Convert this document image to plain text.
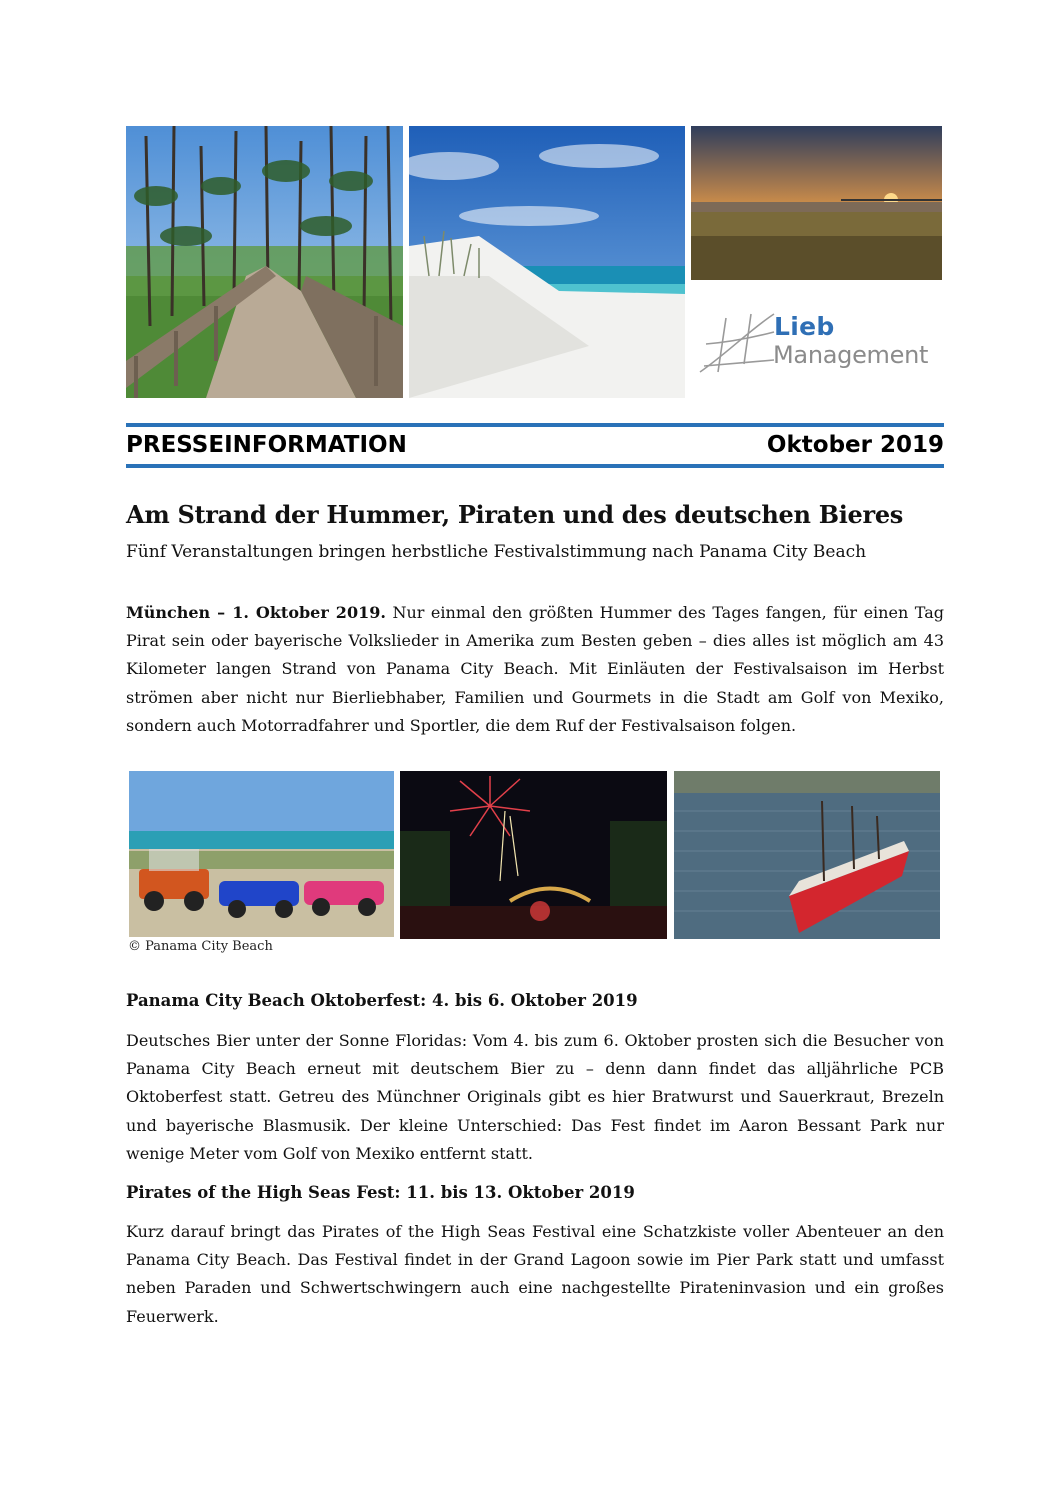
Lieb
Management
PRESSEINFORMATION	Oktober 2019
Am Strand der Hummer, Piraten und des deutschen Bieres
Fünf Veranstaltungen bringen herbstliche Festivalstimmung nach Panama City Beach
München – 1. Oktober 2019. Nur einmal den größten Hummer des Tages fangen, für einen Tag Pirat sein oder bayerische Volkslieder in Amerika zum Besten geben – dies alles ist möglich am 43 Kilometer langen Strand von Panama City Beach. Mit Einläuten der Festivalsaison im Herbst strömen aber nicht nur Bierliebhaber, Familien und Gourmets in die Stadt am Golf von Mexiko, sondern auch Motorradfahrer und Sportler, die dem Ruf der Festivalsaison folgen.
© Panama City Beach
Panama City Beach Oktoberfest: 4. bis 6. Oktober 2019
Deutsches Bier unter der Sonne Floridas: Vom 4. bis zum 6. Oktober prosten sich die Besucher von Panama City Beach erneut mit deutschem Bier zu – denn dann findet das alljährliche PCB Oktoberfest statt. Getreu des Münchner Originals gibt es hier Bratwurst und Sauerkraut, Brezeln und bayerische Blasmusik. Der kleine Unterschied: Das Fest findet im Aaron Bessant Park nur wenige Meter vom Golf von Mexiko entfernt statt.
Pirates of the High Seas Fest: 11. bis 13. Oktober 2019
Kurz darauf bringt das Pirates of the High Seas Festival eine Schatzkiste voller Abenteuer an den Panama City Beach. Das Festival findet in der Grand Lagoon sowie im Pier Park statt und umfasst neben Paraden und Schwertschwingern auch eine nachgestellte Pirateninvasion und ein großes Feuerwerk.
